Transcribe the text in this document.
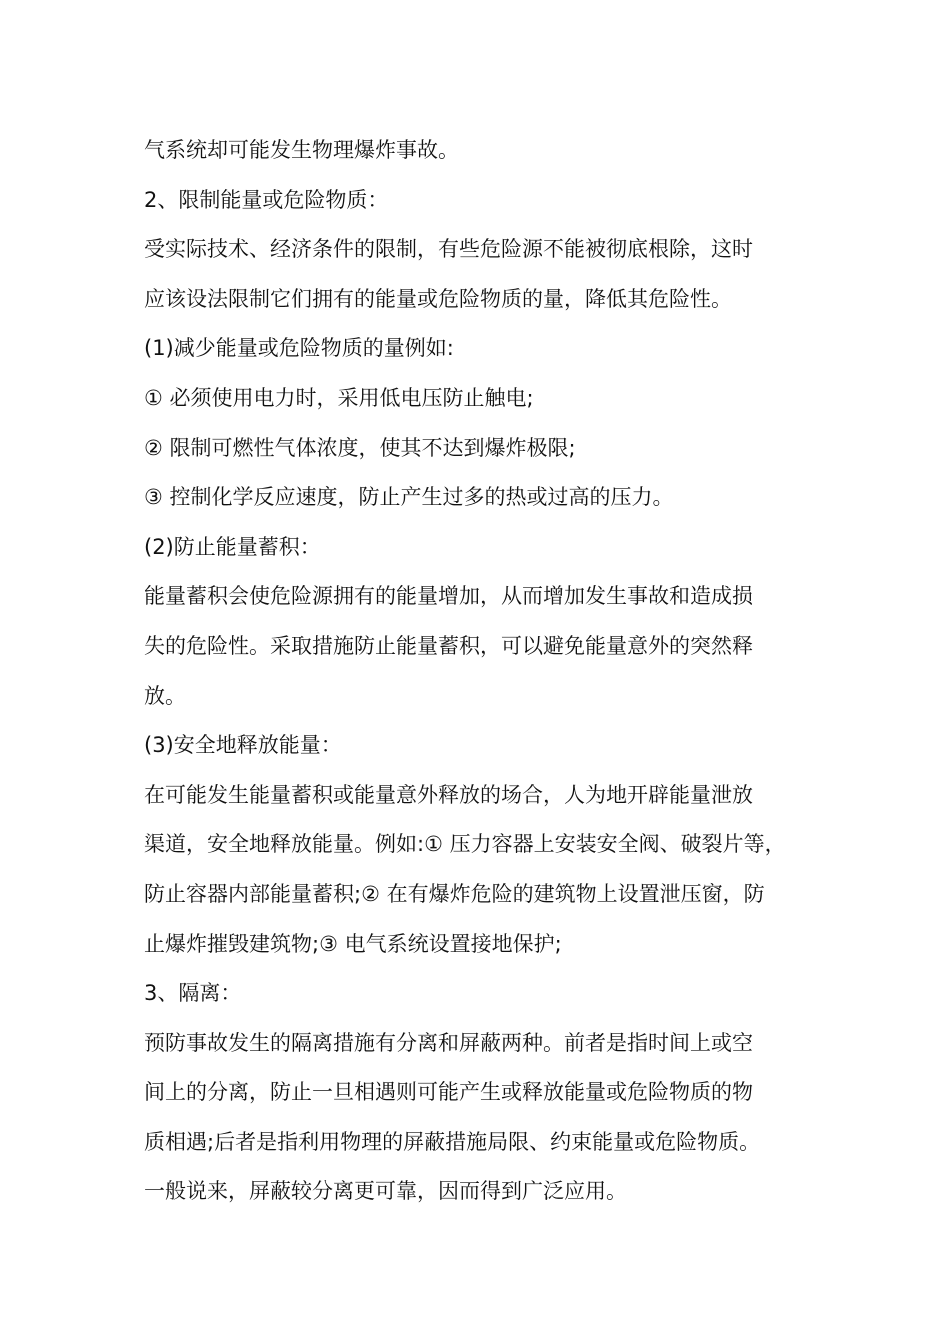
气系统却可能发生物理爆炸事故。

2、限制能量或危险物质：

受实际技术、经济条件的限制，有些危险源不能被彻底根除，这时

应该设法限制它们拥有的能量或危险物质的量，降低其危险性。

(1)减少能量或危险物质的量例如:

① 必须使用电力时，采用低电压防止触电;

② 限制可燃性气体浓度，使其不达到爆炸极限;

③ 控制化学反应速度，防止产生过多的热或过高的压力。

(2)防止能量蓄积：

能量蓄积会使危险源拥有的能量增加，从而增加发生事故和造成损

失的危险性。采取措施防止能量蓄积，可以避免能量意外的突然释

放。

(3)安全地释放能量：

在可能发生能量蓄积或能量意外释放的场合，人为地开辟能量泄放

渠道，安全地释放能量。例如:① 压力容器上安装安全阀、破裂片等，

防止容器内部能量蓄积;② 在有爆炸危险的建筑物上设置泄压窗，防

止爆炸摧毁建筑物;③ 电气系统设置接地保护;

3、隔离：

预防事故发生的隔离措施有分离和屏蔽两种。前者是指时间上或空

间上的分离，防止一旦相遇则可能产生或释放能量或危险物质的物

质相遇;后者是指利用物理的屏蔽措施局限、约束能量或危险物质。

一般说来，屏蔽较分离更可靠，因而得到广泛应用。
